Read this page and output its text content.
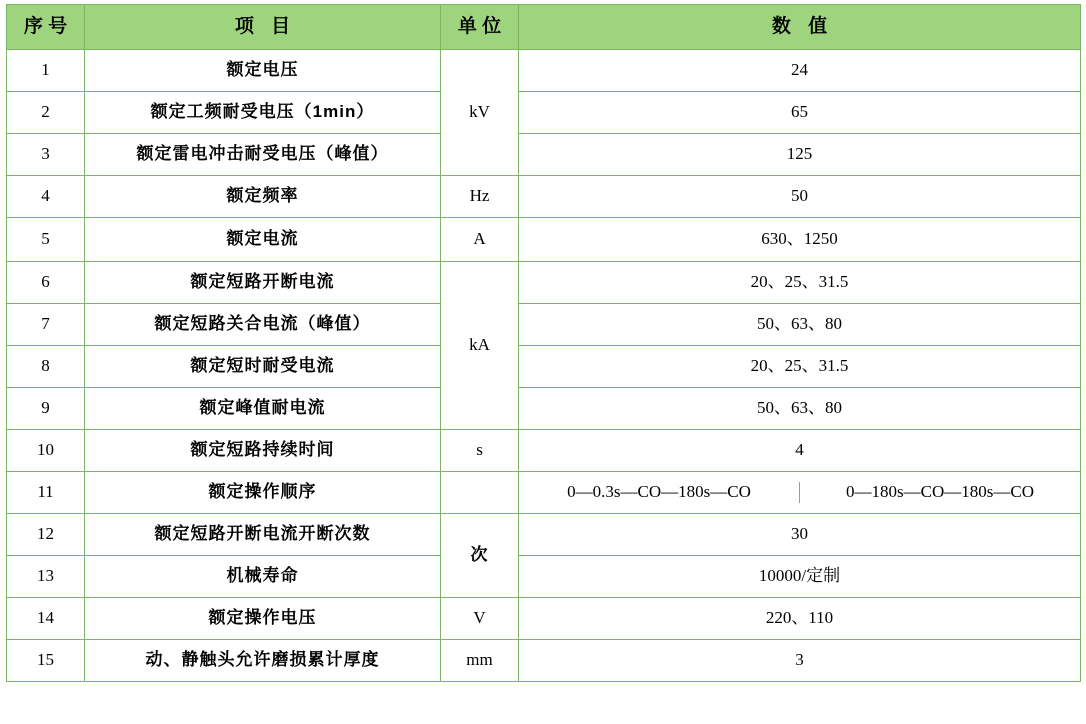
序 号	项 目	单 位	数 值
1	额定电压	kV	24
2	额定工频耐受电压（1min）	65
3	额定雷电冲击耐受电压（峰值）	125
4	额定频率	Hz	50
5	额定电流	A	630、1250
6	额定短路开断电流	kA	20、25、31.5
7	额定短路关合电流（峰值）	50、63、80
8	额定短时耐受电流	20、25、31.5
9	额定峰值耐电流	50、63、80
10	额定短路持续时间	s	4
11	额定操作顺序			0—0.3s—CO—180s—CO	0—180s—CO—180s—CO

12	额定短路开断电流开断次数	次	30
13	机械寿命	10000/定制
14	额定操作电压	V	220、110
15	动、静触头允许磨损累计厚度	mm	3
